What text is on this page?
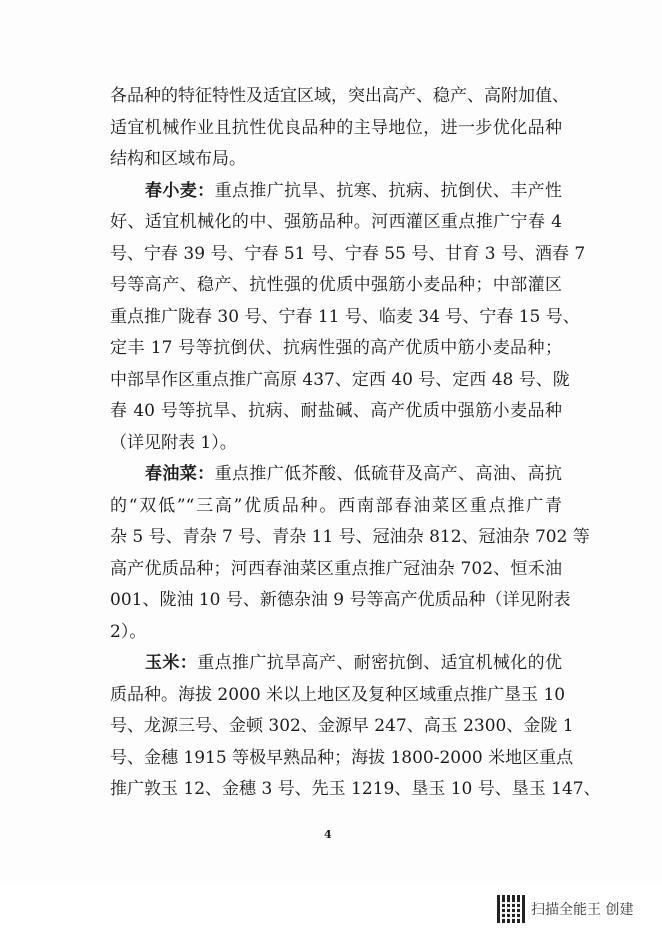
各品种的特征特性及适宜区域，突出高产、稳产、高附加值、
适宜机械作业且抗性优良品种的主导地位，进一步优化品种
结构和区域布局。
春小麦：重点推广抗旱、抗寒、抗病、抗倒伏、丰产性
好、适宜机械化的中、强筋品种。河西灌区重点推广宁春 4
号、宁春 39 号、宁春 51 号、宁春 55 号、甘育 3 号、酒春 7
号等高产、稳产、抗性强的优质中强筋小麦品种；中部灌区
重点推广陇春 30 号、宁春 11 号、临麦 34 号、宁春 15 号、
定丰 17 号等抗倒伏、抗病性强的高产优质中筋小麦品种；
中部旱作区重点推广高原 437、定西 40 号、定西 48 号、陇
春 40 号等抗旱、抗病、耐盐碱、高产优质中强筋小麦品种
（详见附表 1）。
春油菜：重点推广低芥酸、低硫苷及高产、高油、高抗
的“双低”“三高”优质品种。西南部春油菜区重点推广青
杂 5 号、青杂 7 号、青杂 11 号、冠油杂 812、冠油杂 702 等
高产优质品种；河西春油菜区重点推广冠油杂 702、恒禾油
001、陇油 10 号、新德杂油 9 号等高产优质品种（详见附表
2）。
玉米：重点推广抗旱高产、耐密抗倒、适宜机械化的优
质品种。海拔 2000 米以上地区及复种区域重点推广垦玉 10
号、龙源三号、金顿 302、金源早 247、高玉 2300、金陇 1
号、金穗 1915 等极早熟品种；海拔 1800-2000 米地区重点
推广敦玉 12、金穗 3 号、先玉 1219、垦玉 10 号、垦玉 147、
4
扫描全能王 创建
